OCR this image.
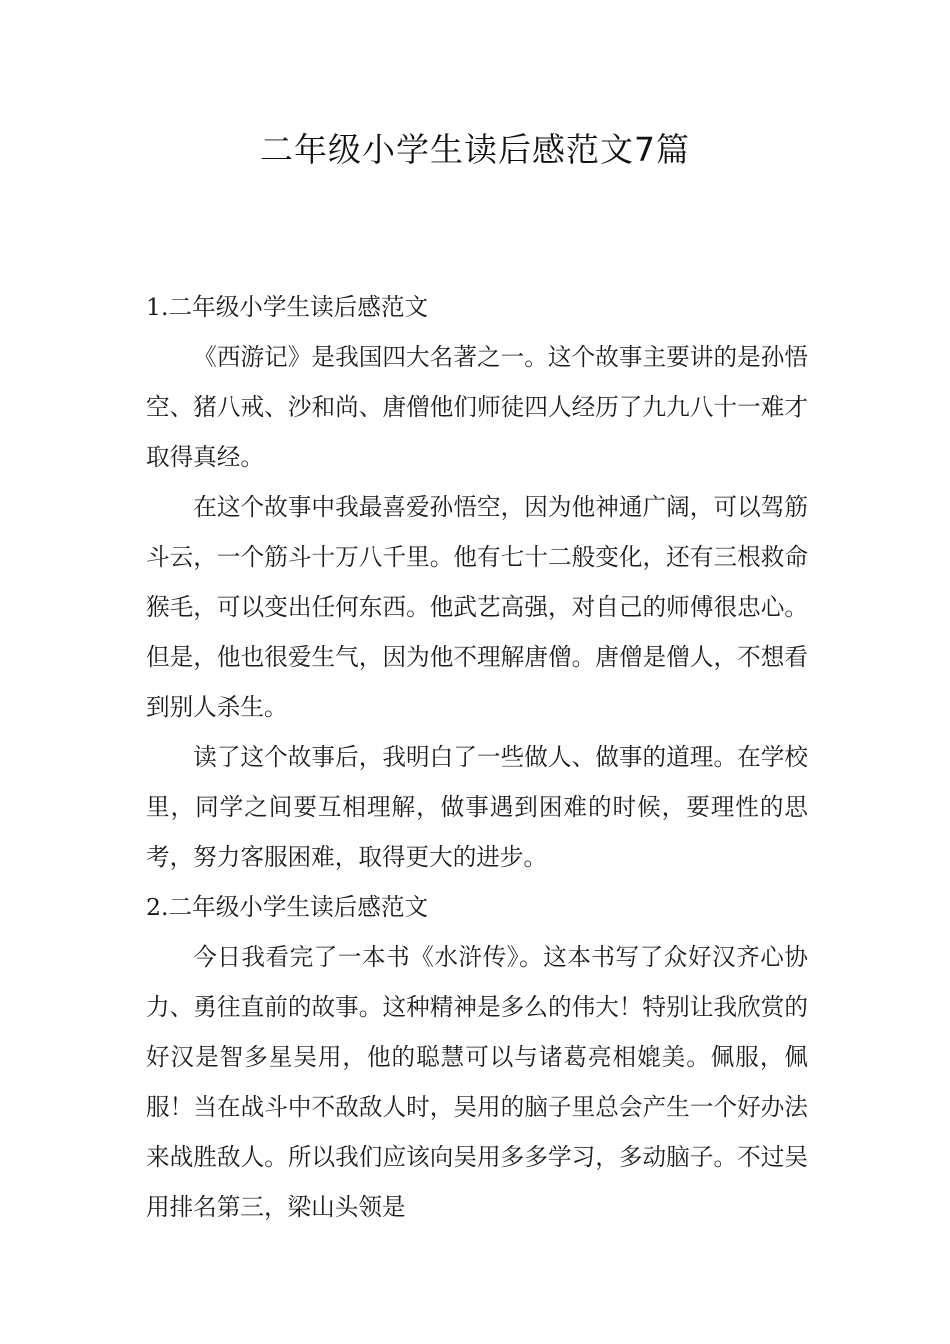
二年级小学生读后感范文7篇

1.二年级小学生读后感范文

《西游记》是我国四大名著之一。这个故事主要讲的是孙悟空、猪八戒、沙和尚、唐僧他们师徒四人经历了九九八十一难才取得真经。

在这个故事中我最喜爱孙悟空，因为他神通广阔，可以驾筋斗云，一个筋斗十万八千里。他有七十二般变化，还有三根救命猴毛，可以变出任何东西。他武艺高强，对自己的师傅很忠心。但是，他也很爱生气，因为他不理解唐僧。唐僧是僧人，不想看到别人杀生。

读了这个故事后，我明白了一些做人、做事的道理。在学校里，同学之间要互相理解，做事遇到困难的时候，要理性的思考，努力客服困难，取得更大的进步。

2.二年级小学生读后感范文

今日我看完了一本书《水浒传》。这本书写了众好汉齐心协力、勇往直前的故事。这种精神是多么的伟大！特别让我欣赏的好汉是智多星吴用，他的聪慧可以与诸葛亮相媲美。佩服，佩服！当在战斗中不敌敌人时，吴用的脑子里总会产生一个好办法来战胜敌人。所以我们应该向吴用多多学习，多动脑子。不过吴用排名第三，梁山头领是
